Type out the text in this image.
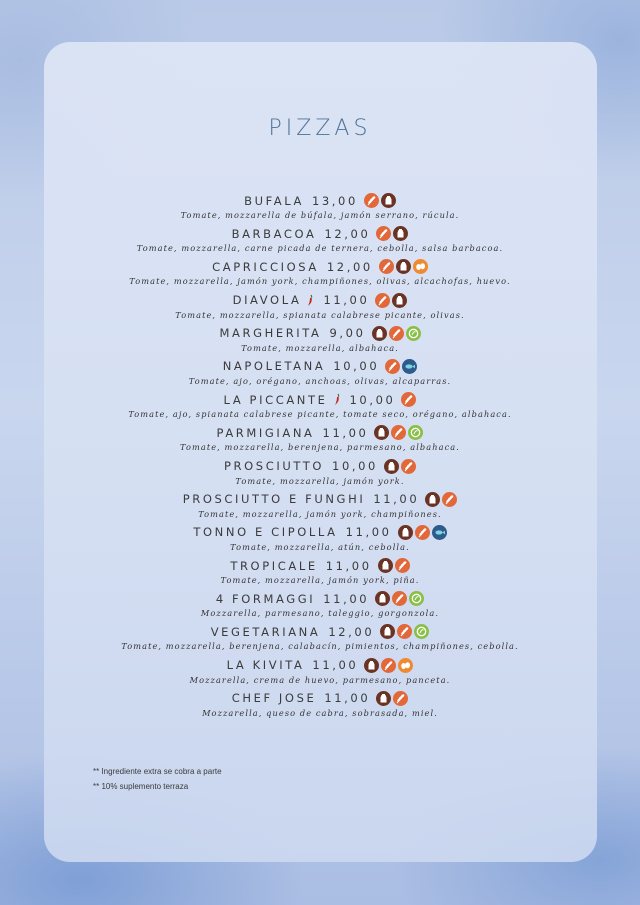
PIZZAS
BUFALA 13,00
Tomate, mozzarella de búfala, jamón serrano, rúcula.
BARBACOA 12,00
Tomate, mozzarella, carne picada de ternera, cebolla, salsa barbacoa.
CAPRICCIOSA 12,00
Tomate, mozzarella, jamón york, champiñones, olivas, alcachofas, huevo.
DIAVOLA 11,00
Tomate, mozzarella, spianata calabrese picante, olivas.
MARGHERITA 9,00
Tomate, mozzarella, albahaca.
NAPOLETANA 10,00
Tomate, ajo, orégano, anchoas, olivas, alcaparras.
LA PICCANTE 10,00
Tomate, ajo, spianata calabrese picante, tomate seco, orégano, albahaca.
PARMIGIANA 11,00
Tomate, mozzarella, berenjena, parmesano, albahaca.
PROSCIUTTO 10,00
Tomate, mozzarella, jamón york.
PROSCIUTTO E FUNGHI 11,00
Tomate, mozzarella, jamón york, champiñones.
TONNO E CIPOLLA 11,00
Tomate, mozzarella, atún, cebolla.
TROPICALE 11,00
Tomate, mozzarella, jamón york, piña.
4 FORMAGGI 11,00
Mozzarella, parmesano, taleggio, gorgonzola.
VEGETARIANA 12,00
Tomate, mozzarella, berenjena, calabacín, pimientos, champiñones, cebolla.
LA KIVITA 11,00
Mozzarella, crema de huevo, parmesano, panceta.
CHEF JOSE 11,00
Mozzarella, queso de cabra, sobrasada, miel.
** Ingrediente extra se cobra a parte
** 10% suplemento terraza
